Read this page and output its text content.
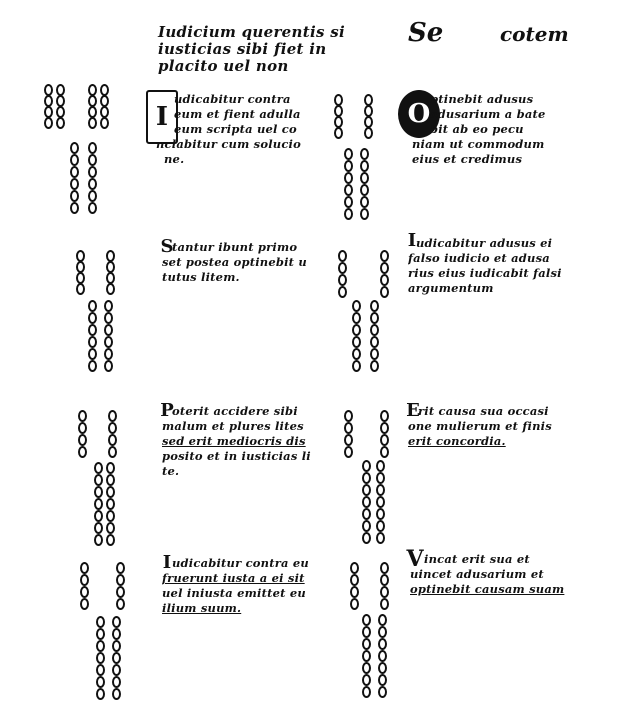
Iudicium querentis si
iusticias sibi fiet in
placito uel non
Se	cotem
I
udicabitur contra
eum et fient adulla
eum scripta uel co
nclabitur cum solucio
ne.
O ptinebit adusus
adusarium a bate
bit ab eo pecu
niam ut commodum
eius et credimus
S
tantur ibunt primo
set postea optinebit u
tutus litem.
I udicabitur adusus ei
falso iudicio et adusa
rius eius iudicabit falsi
argumentum
P
oterit accidere sibi
malum et plures lites
sed erit mediocris dis
posito et in iusticias li
te.
E
rit causa sua occasi
one mulierum et finis
erit concordia.
I udicabitur contra eu
fruerunt iusta a ei sit
uel iniusta emittet eu
ilium suum.
V incat erit sua et
uincet adusarium et
optinebit causam suam
